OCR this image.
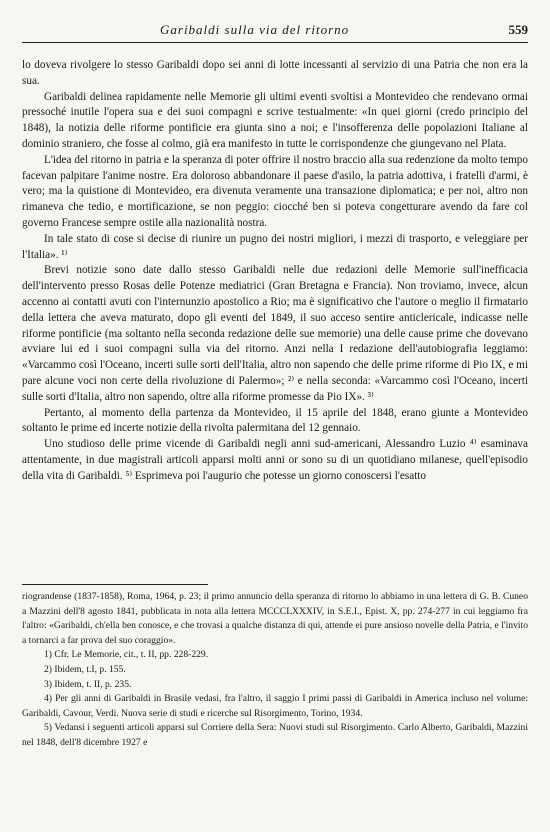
Garibaldi sulla via del ritorno	559

lo doveva rivolgere lo stesso Garibaldi dopo sei anni di lotte incessanti al servizio di una Patria che non era la sua.

Garibaldi delinea rapidamente nelle Memorie gli ultimi eventi svoltisi a Montevideo che rendevano ormai pressoché inutile l'opera sua e dei suoi compagni e scrive testualmente: «In quei giorni (credo principio del 1848), la notizia delle riforme pontificie era giunta sino a noi; e l'insofferenza delle popolazioni Italiane al dominio straniero, che fosse al colmo, già era manifesto in tutte le corrispondenze che giungevano nel Plata.

L'idea del ritorno in patria e la speranza di poter offrire il nostro braccio alla sua redenzione da molto tempo facevan palpitare l'anime nostre. Era doloroso abbandonare il paese d'asilo, la patria adottiva, i fratelli d'armi, è vero; ma la quistione di Montevideo, era divenuta veramente una transazione diplomatica; e per noi, altro non rimaneva che tedio, e mortificazione, se non peggio: ciocché ben si poteva congetturare avendo da fare col governo Francese sempre ostile alla nazionalità nostra.

In tale stato di cose si decise di riunire un pugno dei nostri migliori, i mezzi di trasporto, e veleggiare per l'Italia». ¹⁾

Brevi notizie sono date dallo stesso Garibaldi nelle due redazioni delle Memorie sull'inefficacia dell'intervento presso Rosas delle Potenze mediatrici (Gran Bretagna e Francia). Non troviamo, invece, alcun accenno ai contatti avuti con l'internunzio apostolico a Rio; ma è significativo che l'autore o meglio il firmatario della lettera che aveva maturato, dopo gli eventi del 1849, il suo acceso sentire anticlericale, indicasse nelle riforme pontificie (ma soltanto nella seconda redazione delle sue memorie) una delle cause prime che dovevano avviare lui ed i suoi compagni sulla via del ritorno. Anzi nella I redazione dell'autobiografia leggiamo: «Varcammo così l'Oceano, incerti sulle sorti dell'Italia, altro non sapendo che delle prime riforme di Pio IX, e mi pare alcune voci non certe della rivoluzione di Palermo»; ²⁾ e nella seconda: «Varcammo così l'Oceano, incerti sulle sorti d'Italia, altro non sapendo, oltre alla riforme promesse da Pio IX». ³⁾

Pertanto, al momento della partenza da Montevideo, il 15 aprile del 1848, erano giunte a Montevideo soltanto le prime ed incerte notizie della rivolta palermitana del 12 gennaio.

Uno studioso delle prime vicende di Garibaldi negli anni sud-americani, Alessandro Luzio ⁴⁾ esaminava attentamente, in due magistrali articoli apparsi molti anni or sono su di un quotidiano milanese, quell'episodio della vita di Garibaldi. ⁵⁾ Esprimeva poi l'augurio che potesse un giorno conoscersi l'esatto

riograndense (1837-1858), Roma, 1964, p. 23; il primo annuncio della speranza di ritorno lo abbiamo in una lettera di G. B. Cuneo a Mazzini dell'8 agosto 1841, pubblicata in nota alla lettera MCCCLXXXIV, in S.E.I., Epist. X, pp. 274-277 in cui leggiamo fra l'altro: «Garibaldi, ch'ella ben conosce, e che trovasi a qualche distanza di qui, attende ei pure ansioso novelle della Patria, e l'invito a tornarci a far prova del suo coraggio».

1) Cfr. Le Memorie, cit., t. II, pp. 228-229.

2) Ibidem, t.I, p. 155.

3) Ibidem, t. II, p. 235.

4) Per gli anni di Garibaldi in Brasile vedasi, fra l'altro, il saggio I primi passi di Garibaldi in America incluso nel volume: Garibaldi, Cavour, Verdi. Nuova serie di studi e ricerche sul Risorgimento, Torino, 1934.

5) Vedansi i seguenti articoli apparsi sul Corriere della Sera: Nuovi studi sul Risorgimento. Carlo Alberto, Garibaldi, Mazzini nel 1848, dell'8 dicembre 1927 e
